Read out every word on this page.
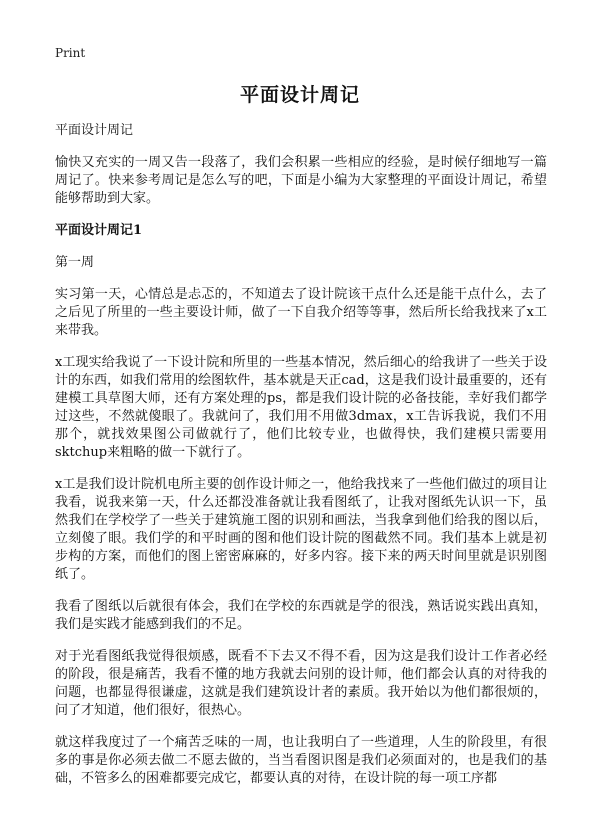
Print
平面设计周记

平面设计周记

愉快又充实的一周又告一段落了，我们会积累一些相应的经验，是时候仔细地写一篇周记了。快来参考周记是怎么写的吧，下面是小编为大家整理的平面设计周记，希望能够帮助到大家。

平面设计周记1

第一周

实习第一天，心情总是忐忑的，不知道去了设计院该干点什么还是能干点什么，去了之后见了所里的一些主要设计师，做了一下自我介绍等等事，然后所长给我找来了x工来带我。

x工现实给我说了一下设计院和所里的一些基本情况，然后细心的给我讲了一些关于设计的东西，如我们常用的绘图软件，基本就是天正cad，这是我们设计最重要的，还有建模工具草图大师，还有方案处理的ps，都是我们设计院的必备技能，幸好我们都学过这些，不然就傻眼了。我就问了，我们用不用做3dmax，x工告诉我说，我们不用那个，就找效果图公司做就行了，他们比较专业，也做得快，我们建模只需要用sktchup来粗略的做一下就行了。

x工是我们设计院机电所主要的创作设计师之一，他给我找来了一些他们做过的项目让我看，说我来第一天，什么还都没准备就让我看图纸了，让我对图纸先认识一下，虽然我们在学校学了一些关于建筑施工图的识别和画法，当我拿到他们给我的图以后，立刻傻了眼。我们学的和平时画的图和他们设计院的图截然不同。我们基本上就是初步构的方案，而他们的图上密密麻麻的，好多内容。接下来的两天时间里就是识别图纸了。

我看了图纸以后就很有体会，我们在学校的东西就是学的很浅，熟话说实践出真知，我们是实践才能感到我们的不足。

对于光看图纸我觉得很烦感，既看不下去又不得不看，因为这是我们设计工作者必经的阶段，很是痛苦，我看不懂的地方我就去问别的设计师，他们都会认真的对待我的问题，也都显得很谦虚，这就是我们建筑设计者的素质。我开始以为他们都很烦的，问了才知道，他们很好，很热心。

就这样我度过了一个痛苦乏味的一周，也让我明白了一些道理，人生的阶段里，有很多的事是你必须去做二不愿去做的，当当看图识图是我们必须面对的，也是我们的基础，不管多么的困难都要完成它，都要认真的对待，在设计院的每一项工序都
